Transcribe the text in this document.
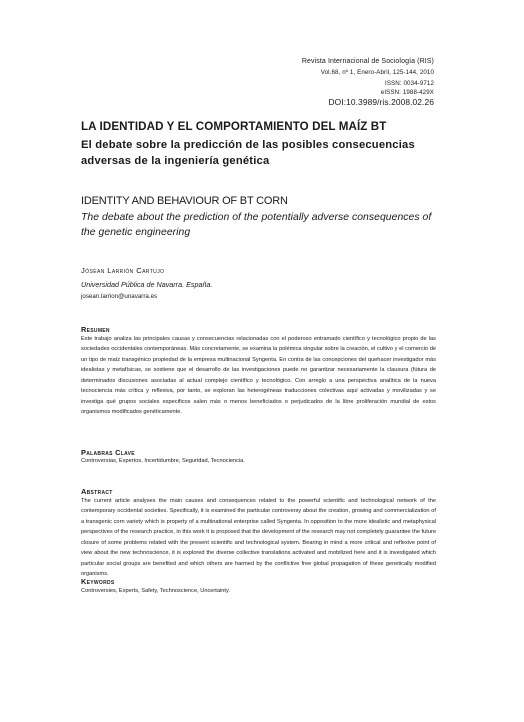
Revista Internacional de Sociología (RIS)
Vol.68, nº 1, Enero-Abril, 125-144, 2010
ISSN: 0034-9712
eISSN: 1988-429X
DOI:10.3989/ris.2008.02.26
LA IDENTIDAD Y EL COMPORTAMIENTO DEL MAÍZ BT
El debate sobre la predicción de las posibles consecuencias adversas de la ingeniería genética
IDENTITY AND BEHAVIOUR OF BT CORN
The debate about the prediction of the potentially adverse consequences of the genetic engineering
Jósean Larrión Cartujo
Universidad Pública de Navarra. España.
josean.larrion@unavarra.es
Resumen
Este trabajo analiza las principales causas y consecuencias relacionadas con el poderoso entramado científico y tecnológico propio de las sociedades occidentales contemporáneas. Más concretamente, se examina la polémica singular sobre la creación, el cultivo y el comercio de un tipo de maíz transgénico propiedad de la empresa multinacional Syngenta. En contra de las concepciones del quehacer investigador más idealistas y metafísicas, se sostiene que el desarrollo de las investigaciones puede no garantizar necesariamente la clausura (fútura de determinados discusiones asociadas al actual complejo científico y tecnológico. Con arreglo a una perspectiva analítica de la nueva tecnociencia más crítica y reflexiva, por tanto, se exploran las heterogéneas traducciones colectivas aquí activadas y movilizadas y se investiga qué grupos sociales especificos salen más o menos beneficiados o perjudicados de la libre proliferación mundial de estos organismos modificados genéticamente.
Palabras Clave
Controversias, Expertos, Incertidumbre, Seguridad, Tecnociencia.
Abstract
The current article analyses the main causes and consequences related to the powerful scientific and technological network of the contemporary occidental societies. Specifically, it is examined the particular controversy about the creation, growing and commercialization of a transgenic corn variety which is property of a multinational enterprise called Syngenta. In opposition to the more idealistic and metaphysical perspectives of the research practice, in this work it is proposed that the development of the research may not completely guarantee the future closure of some problems related with the present scientific and technological system. Bearing in mind a more critical and reflexive point of view about the new technoscience, it is explored the diverse collective translations activated and mobilized here and it is investigated which particular social groups are benefited and which others are harmed by the conflictive free global propagation of these genetically modified organisms.
Keywords
Controversies, Experts, Safety, Technoscience, Uncertainty.
